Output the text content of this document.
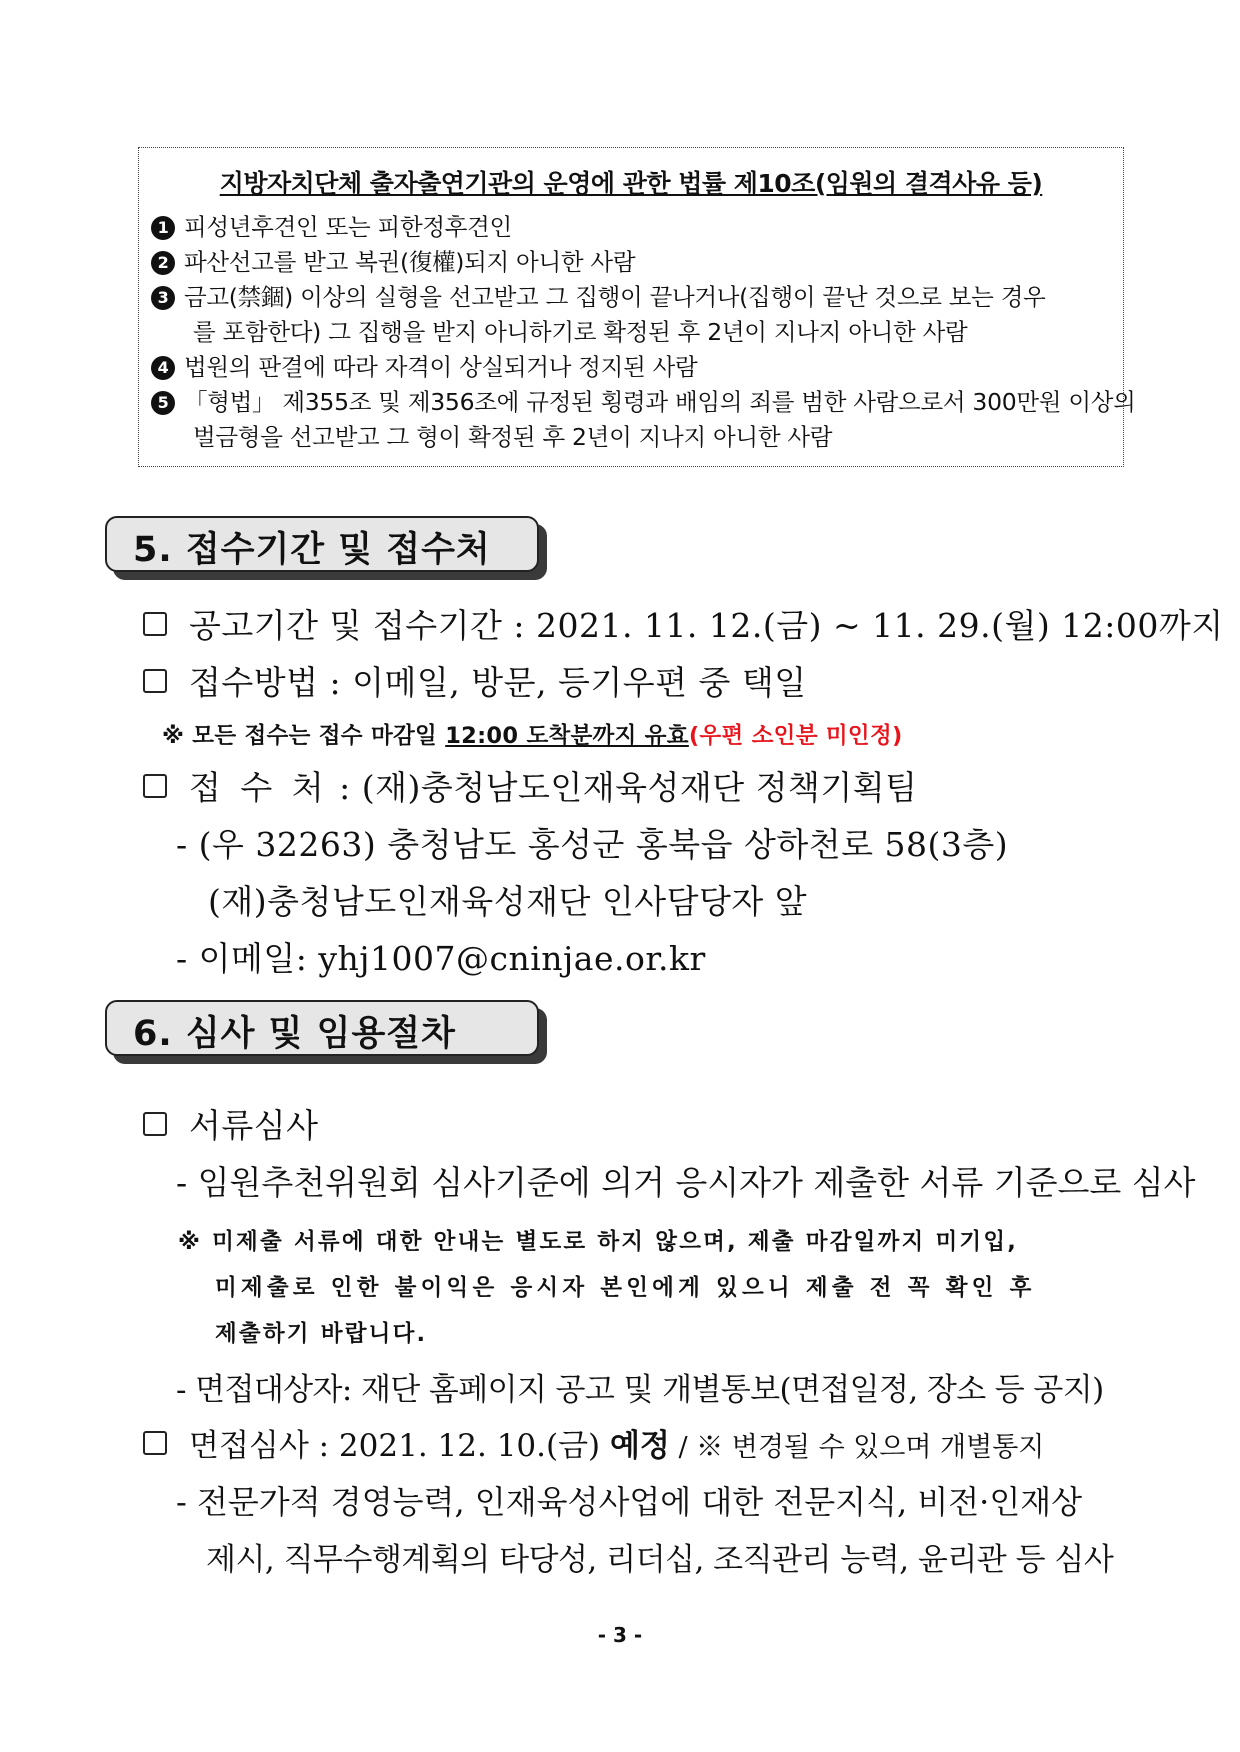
지방자치단체 출자출연기관의 운영에 관한 법률 제10조(임원의 결격사유 등)
1 피성년후견인 또는 피한정후견인
2 파산선고를 받고 복권(復權)되지 아니한 사람
3 금고(禁錮) 이상의 실형을 선고받고 그 집행이 끝나거나(집행이 끝난 것으로 보는 경우
를 포함한다) 그 집행을 받지 아니하기로 확정된 후 2년이 지나지 아니한 사람
4 법원의 판결에 따라 자격이 상실되거나 정지된 사람
5 「형법」 제355조 및 제356조에 규정된 횡령과 배임의 죄를 범한 사람으로서 300만원 이상의
벌금형을 선고받고 그 형이 확정된 후 2년이 지나지 아니한 사람
5. 접수기간 및 접수처
공고기간 및 접수기간 : 2021. 11. 12.(금) ~ 11. 29.(월) 12:00까지
접수방법 : 이메일, 방문, 등기우편 중 택일
※ 모든 접수는 접수 마감일 12:00 도착분까지 유효(우편 소인분 미인정)
접 수 처 : (재)충청남도인재육성재단 정책기획팀
- (우 32263) 충청남도 홍성군 홍북읍 상하천로 58(3층)
(재)충청남도인재육성재단 인사담당자 앞
- 이메일: yhj1007@cninjae.or.kr
6. 심사 및 임용절차
서류심사
- 임원추천위원회 심사기준에 의거 응시자가 제출한 서류 기준으로 심사
※ 미제출 서류에 대한 안내는 별도로 하지 않으며, 제출 마감일까지 미기입,
미제출로 인한 불이익은 응시자 본인에게 있으니 제출 전 꼭 확인 후
제출하기 바랍니다.
- 면접대상자: 재단 홈페이지 공고 및 개별통보(면접일정, 장소 등 공지)
면접심사 : 2021. 12. 10.(금) 예정 / ※ 변경될 수 있으며 개별통지
- 전문가적 경영능력, 인재육성사업에 대한 전문지식, 비전·인재상
제시, 직무수행계획의 타당성, 리더십, 조직관리 능력, 윤리관 등 심사
- 3 -
